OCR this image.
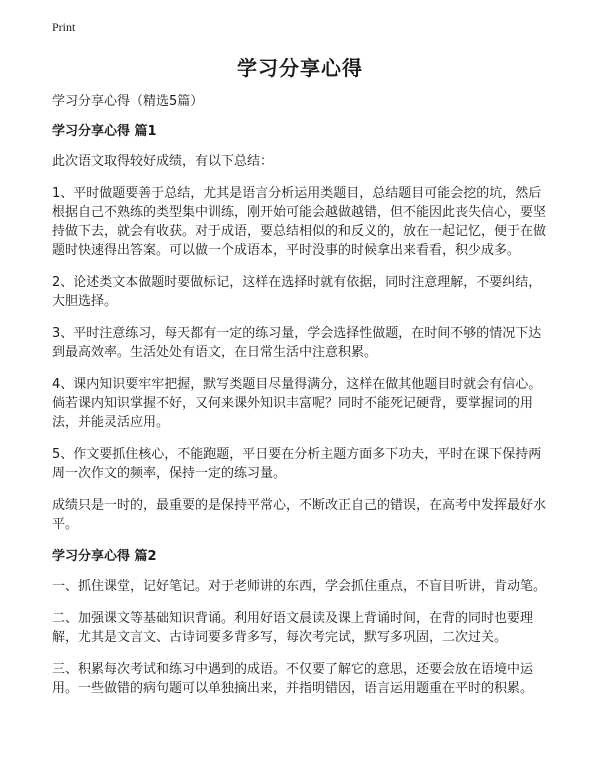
Print
学习分享心得

学习分享心得（精选5篇）

学习分享心得 篇1

此次语文取得较好成绩，有以下总结：

1、平时做题要善于总结，尤其是语言分析运用类题目，总结题目可能会挖的坑，然后根据自己不熟练的类型集中训练，刚开始可能会越做越错，但不能因此丧失信心，要坚持做下去，就会有收获。对于成语，要总结相似的和反义的，放在一起记忆，便于在做题时快速得出答案。可以做一个成语本，平时没事的时候拿出来看看，积少成多。

2、论述类文本做题时要做标记，这样在选择时就有依据，同时注意理解，不要纠结，大胆选择。

3、平时注意练习，每天都有一定的练习量，学会选择性做题，在时间不够的情况下达到最高效率。生活处处有语文，在日常生活中注意积累。

4、课内知识要牢牢把握，默写类题目尽量得满分，这样在做其他题目时就会有信心。倘若课内知识掌握不好，又何来课外知识丰富呢？同时不能死记硬背，要掌握词的用法，并能灵活应用。

5、作文要抓住核心，不能跑题，平日要在分析主题方面多下功夫，平时在课下保持两周一次作文的频率，保持一定的练习量。

成绩只是一时的，最重要的是保持平常心，不断改正自己的错误，在高考中发挥最好水平。

学习分享心得 篇2

一、抓住课堂，记好笔记。对于老师讲的东西，学会抓住重点，不盲目听讲，肯动笔。

二、加强课文等基础知识背诵。利用好语文晨读及课上背诵时间，在背的同时也要理解，尤其是文言文、古诗词要多背多写，每次考完试，默写多巩固，二次过关。

三、积累每次考试和练习中遇到的成语。不仅要了解它的意思，还要会放在语境中运用。一些做错的病句题可以单独摘出来，并指明错因，语言运用题重在平时的积累。
